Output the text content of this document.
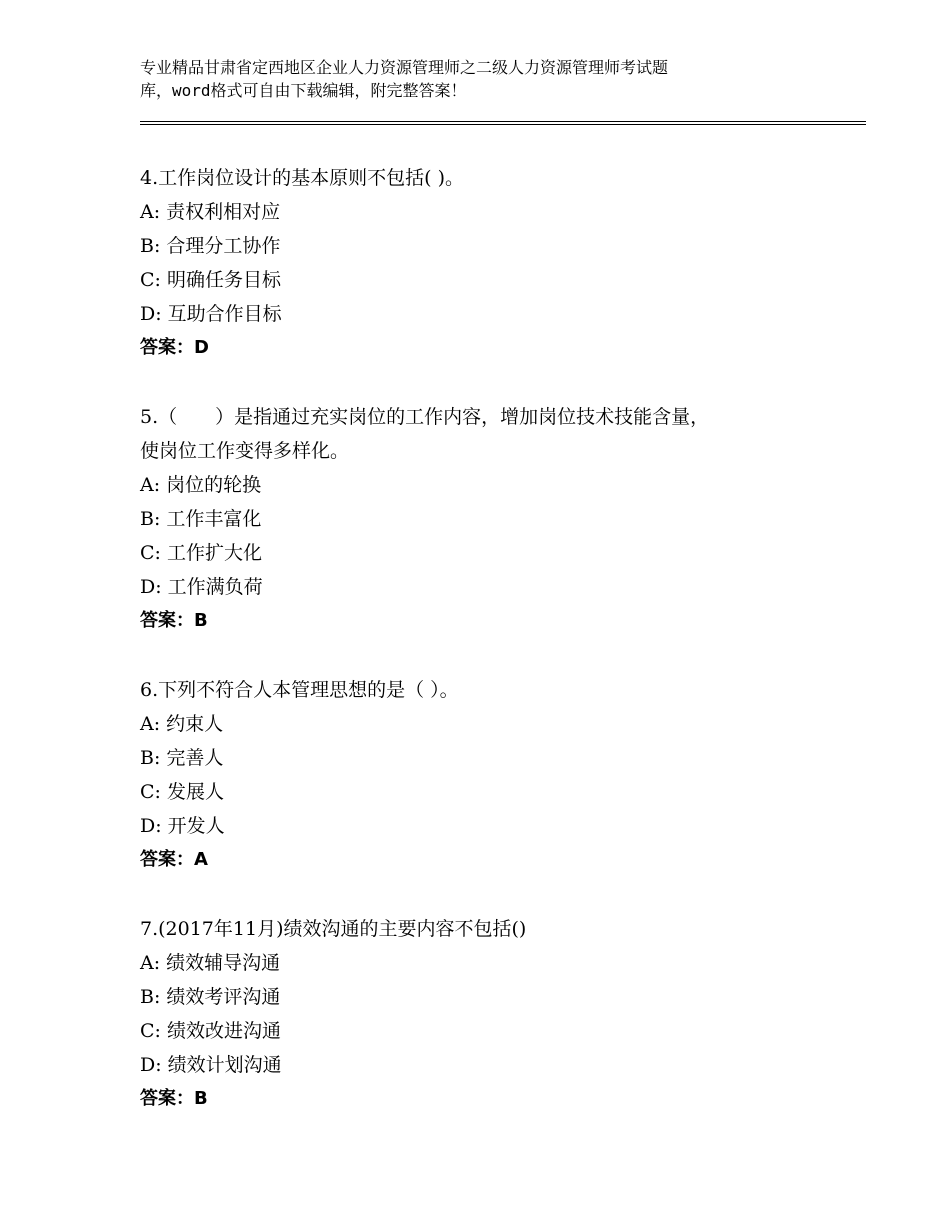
专业精品甘肃省定西地区企业人力资源管理师之二级人力资源管理师考试题
库，word格式可自由下载编辑，附完整答案！

4.工作岗位设计的基本原则不包括( )。

A: 责权利相对应

B: 合理分工协作

C: 明确任务目标

D: 互助合作目标

答案：D

5.（　　）是指通过充实岗位的工作内容，增加岗位技术技能含量，

使岗位工作变得多样化。

A: 岗位的轮换

B: 工作丰富化

C: 工作扩大化

D: 工作满负荷

答案：B

6.下列不符合人本管理思想的是（ ）。

A: 约束人

B: 完善人

C: 发展人

D: 开发人

答案：A

7.(2017年11月)绩效沟通的主要内容不包括()

A: 绩效辅导沟通

B: 绩效考评沟通

C: 绩效改进沟通

D: 绩效计划沟通

答案：B
